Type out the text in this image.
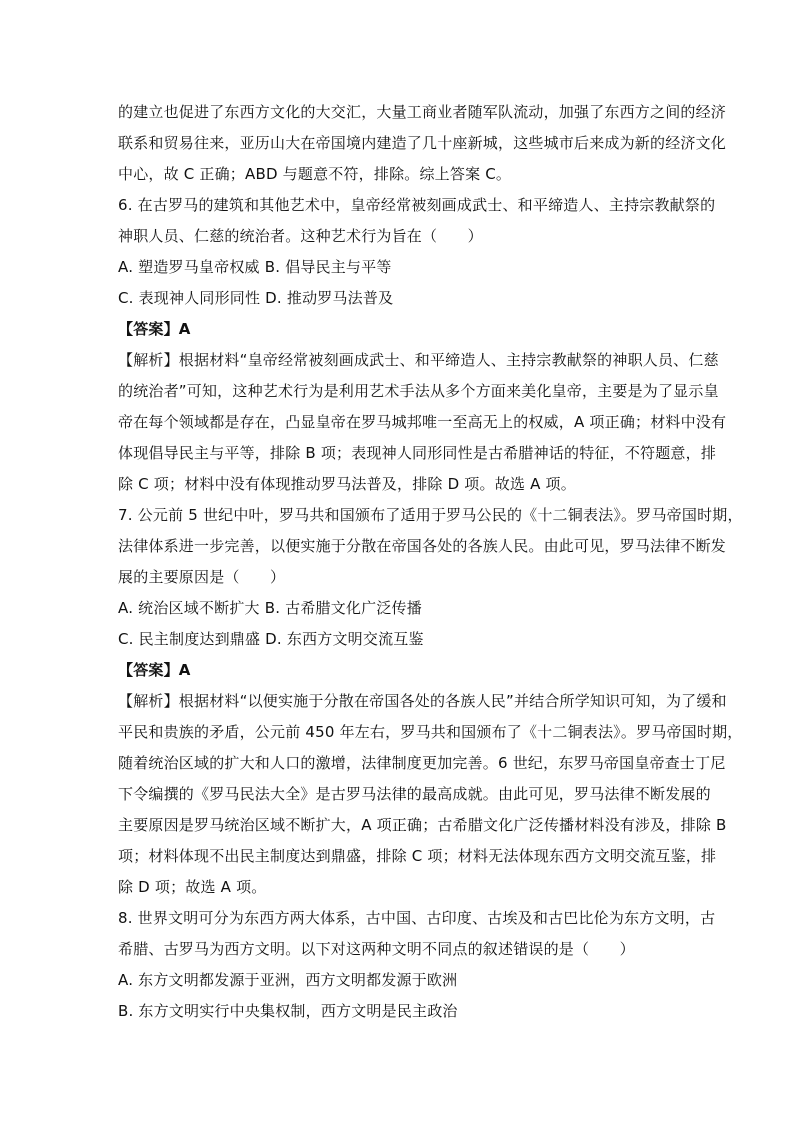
的建立也促进了东西方文化的大交汇，大量工商业者随军队流动，加强了东西方之间的经济
联系和贸易往来，亚历山大在帝国境内建造了几十座新城，这些城市后来成为新的经济文化
中心，故 C 正确；ABD 与题意不符，排除。综上答案 C。
6. 在古罗马的建筑和其他艺术中，皇帝经常被刻画成武士、和平缔造人、主持宗教献祭的
神职人员、仁慈的统治者。这种艺术行为旨在（　　）
A. 塑造罗马皇帝权威 B. 倡导民主与平等
C. 表现神人同形同性 D. 推动罗马法普及
【答案】A
【解析】根据材料“皇帝经常被刻画成武士、和平缔造人、主持宗教献祭的神职人员、仁慈
的统治者”可知，这种艺术行为是利用艺术手法从多个方面来美化皇帝，主要是为了显示皇
帝在每个领域都是存在，凸显皇帝在罗马城邦唯一至高无上的权威，A 项正确；材料中没有
体现倡导民主与平等，排除 B 项；表现神人同形同性是古希腊神话的特征，不符题意，排
除 C 项；材料中没有体现推动罗马法普及，排除 D 项。故选 A 项。
7. 公元前 5 世纪中叶，罗马共和国颁布了适用于罗马公民的《十二铜表法》。罗马帝国时期，
法律体系进一步完善，以便实施于分散在帝国各处的各族人民。由此可见，罗马法律不断发
展的主要原因是（　　）
A. 统治区域不断扩大 B. 古希腊文化广泛传播
C. 民主制度达到鼎盛 D. 东西方文明交流互鉴
【答案】A
【解析】根据材料“以便实施于分散在帝国各处的各族人民”并结合所学知识可知，为了缓和
平民和贵族的矛盾，公元前 450 年左右，罗马共和国颁布了《十二铜表法》。罗马帝国时期，
随着统治区域的扩大和人口的激增，法律制度更加完善。6 世纪，东罗马帝国皇帝查士丁尼
下令编撰的《罗马民法大全》是古罗马法律的最高成就。由此可见，罗马法律不断发展的
主要原因是罗马统治区域不断扩大，A 项正确；古希腊文化广泛传播材料没有涉及，排除 B
项；材料体现不出民主制度达到鼎盛，排除 C 项；材料无法体现东西方文明交流互鉴，排
除 D 项；故选 A 项。
8. 世界文明可分为东西方两大体系，古中国、古印度、古埃及和古巴比伦为东方文明，古
希腊、古罗马为西方文明。以下对这两种文明不同点的叙述错误的是（　　）
A. 东方文明都发源于亚洲，西方文明都发源于欧洲
B. 东方文明实行中央集权制，西方文明是民主政治
